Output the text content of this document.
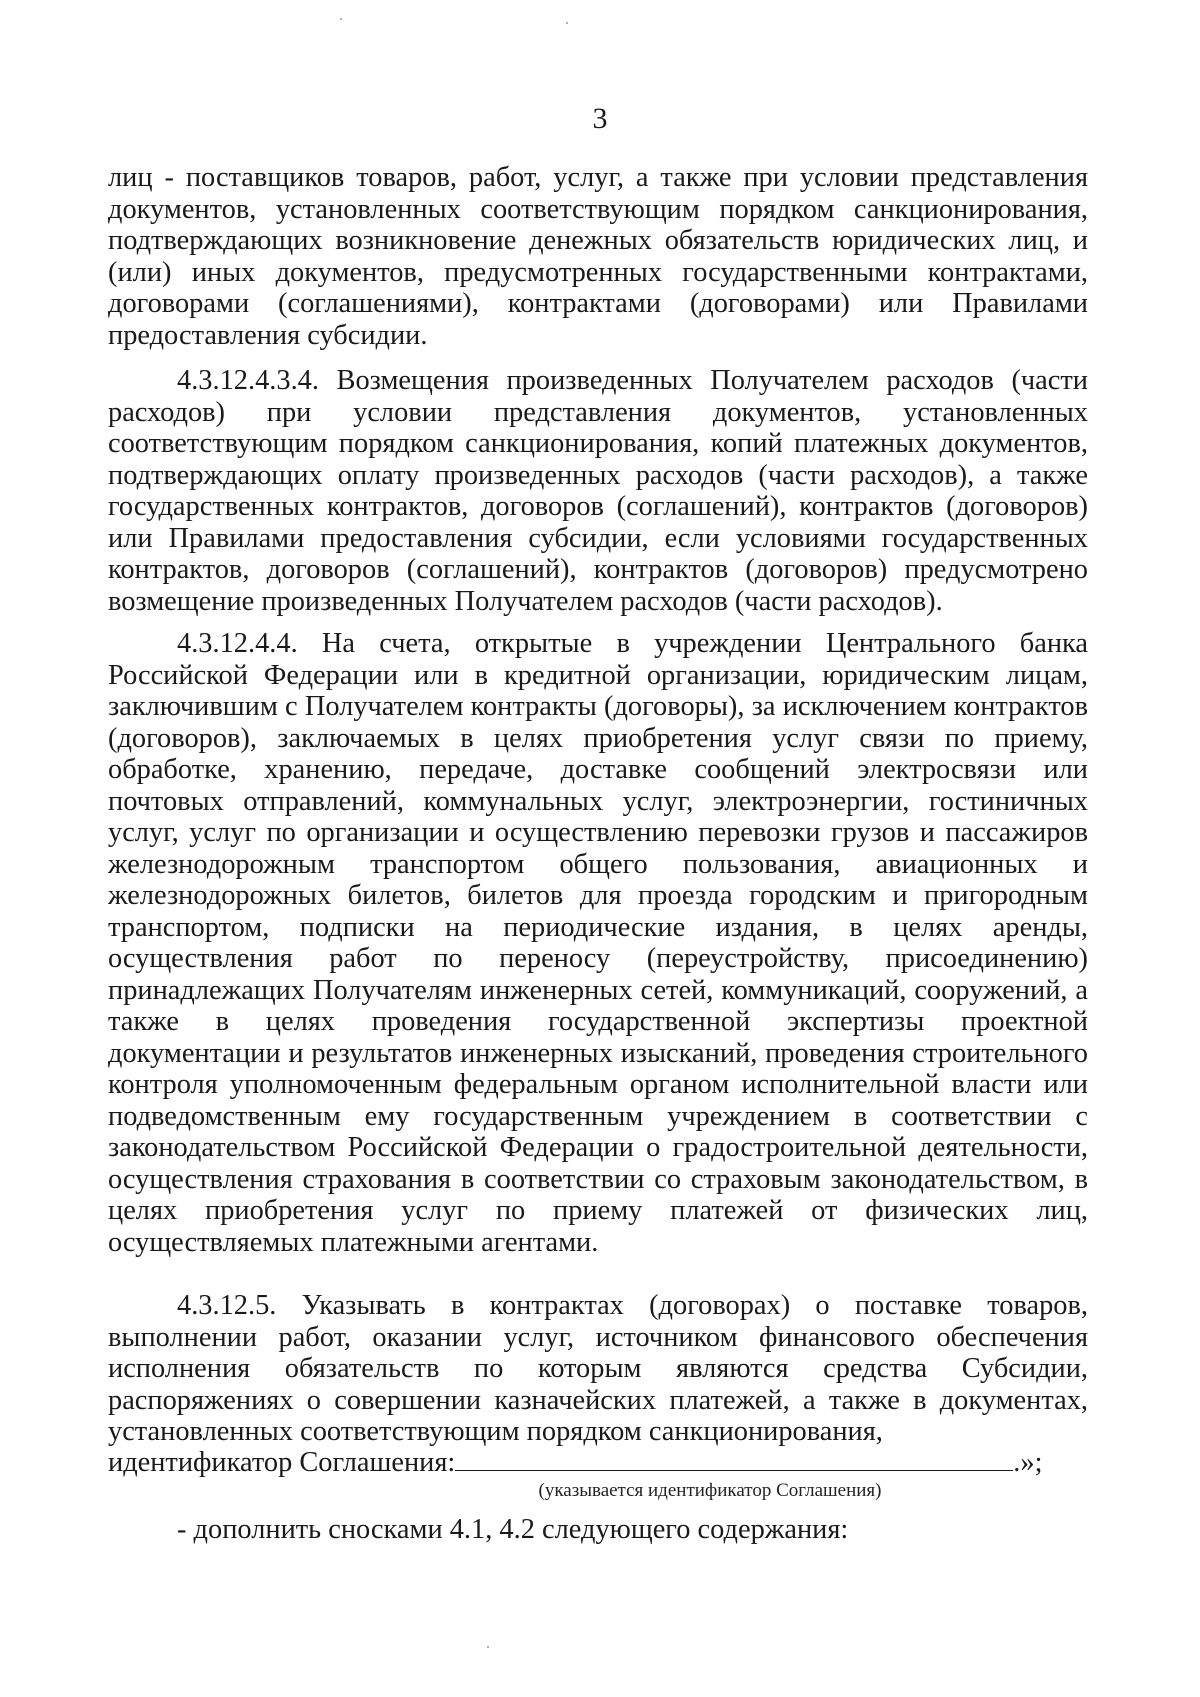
3

лиц - поставщиков товаров, работ, услуг, а также при условии представления документов, установленных соответствующим порядком санкционирования, подтверждающих возникновение денежных обязательств юридических лиц, и (или) иных документов, предусмотренных государственными контрактами, договорами (соглашениями), контрактами (договорами) или Правилами предоставления субсидии.

4.3.12.4.3.4. Возмещения произведенных Получателем расходов (части расходов) при условии представления документов, установленных соответствующим порядком санкционирования, копий платежных документов, подтверждающих оплату произведенных расходов (части расходов), а также государственных контрактов, договоров (соглашений), контрактов (договоров) или Правилами предоставления субсидии, если условиями государственных контрактов, договоров (соглашений), контрактов (договоров) предусмотрено возмещение произведенных Получателем расходов (части расходов).

4.3.12.4.4. На счета, открытые в учреждении Центрального банка Российской Федерации или в кредитной организации, юридическим лицам, заключившим с Получателем контракты (договоры), за исключением контрактов (договоров), заключаемых в целях приобретения услуг связи по приему, обработке, хранению, передаче, доставке сообщений электросвязи или почтовых отправлений, коммунальных услуг, электроэнергии, гостиничных услуг, услуг по организации и осуществлению перевозки грузов и пассажиров железнодорожным транспортом общего пользования, авиационных и железнодорожных билетов, билетов для проезда городским и пригородным транспортом, подписки на периодические издания, в целях аренды, осуществления работ по переносу (переустройству, присоединению) принадлежащих Получателям инженерных сетей, коммуникаций, сооружений, а также в целях проведения государственной экспертизы проектной документации и результатов инженерных изысканий, проведения строительного контроля уполномоченным федеральным органом исполнительной власти или подведомственным ему государственным учреждением в соответствии с законодательством Российской Федерации о градостроительной деятельности, осуществления страхования в соответствии со страховым законодательством, в целях приобретения услуг по приему платежей от физических лиц, осуществляемых платежными агентами.

4.3.12.5. Указывать в контрактах (договорах) о поставке товаров, выполнении работ, оказании услуг, источником финансового обеспечения исполнения обязательств по которым являются средства Субсидии, распоряжениях о совершении казначейских платежей, а также в документах, установленных соответствующим порядком санкционирования,

идентификатор Соглашения:	.»;
(указывается идентификатор Соглашения)
- дополнить сносками 4.1, 4.2 следующего содержания:
